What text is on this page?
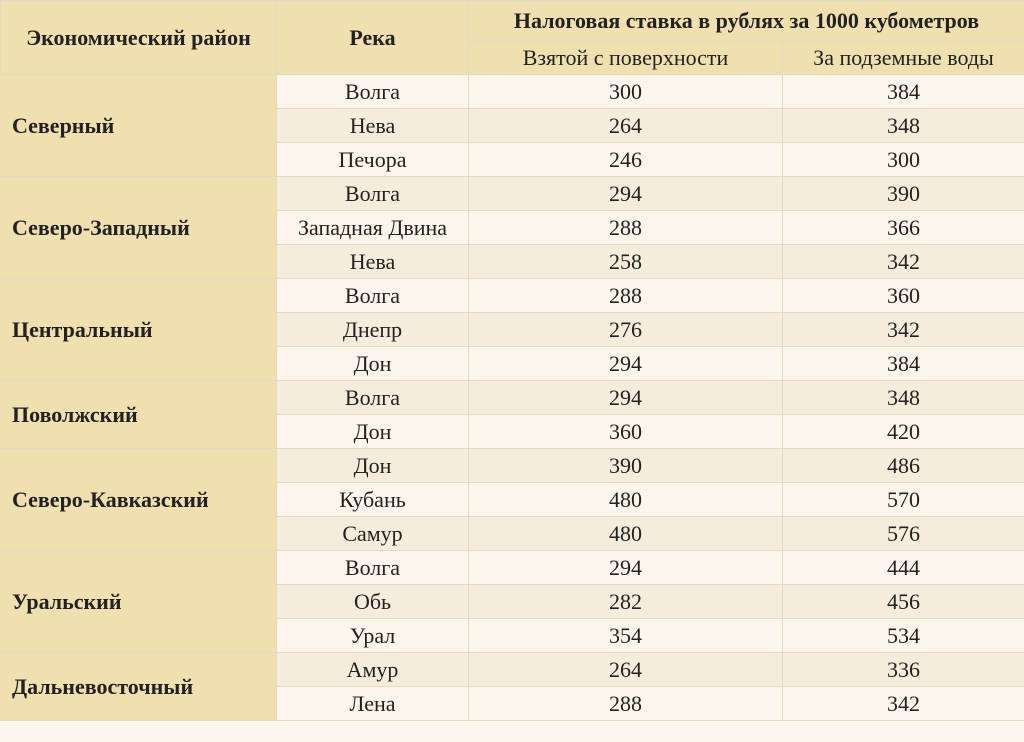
Экономический район	Река	Налоговая ставка в рублях за 1000 кубометров	
		Взятой с поверхности	За подземные воды
Северный	Волга	300	384
	Нева	264	348
	Печора	246	300
Северо-Западный	Волга	294	390
	Западная Двина	288	366
	Нева	258	342
Центральный	Волга	288	360
	Днепр	276	342
	Дон	294	384
Поволжский	Волга	294	348
	Дон	360	420
Северо-Кавказский	Дон	390	486
	Кубань	480	570
	Самур	480	576
Уральский	Волга	294	444
	Обь	282	456
	Урал	354	534
Дальневосточный	Амур	264	336
	Лена	288	342
